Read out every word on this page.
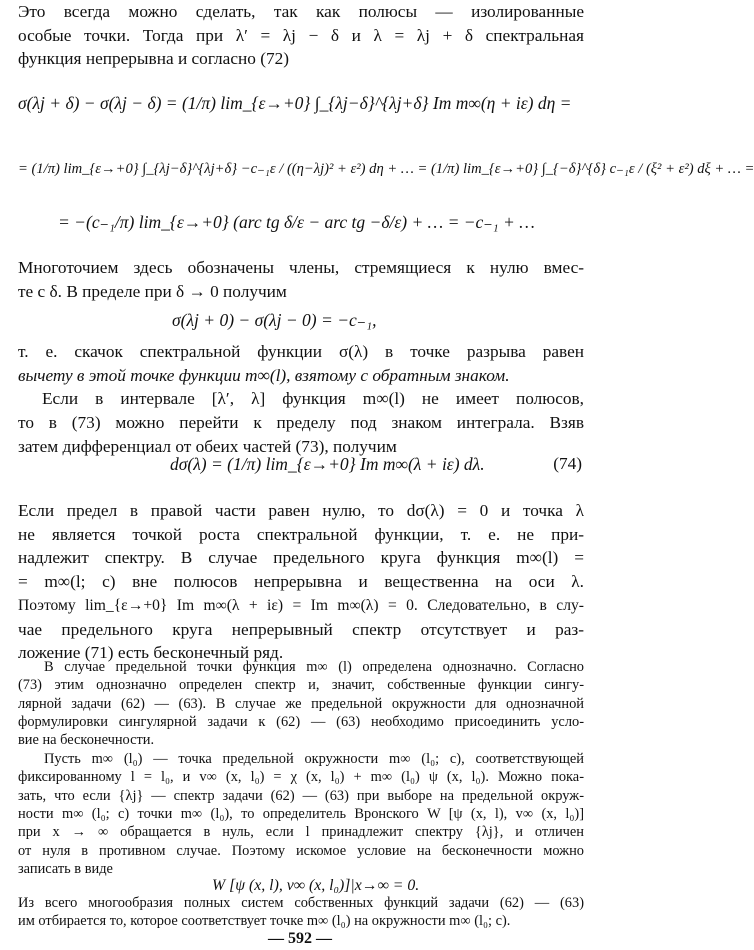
Это всегда можно сделать, так как полюсы — изолированные
особые точки. Тогда при λ′ = λj − δ и λ = λj + δ спектральная
функция непрерывна и согласно (72)
σ(λj + δ) − σ(λj − δ) = (1/π) lim_{ε→+0} ∫_{λj−δ}^{λj+δ} Im m∞(η + iε) dη =
= (1/π) lim_{ε→+0} ∫_{λj−δ}^{λj+δ} −c₋₁ε / ((η−λj)² + ε²) dη + … = (1/π) lim_{ε→+0} ∫_{−δ}^{δ} c₋₁ε / (ξ² + ε²) dξ + … =
= −(c₋₁/π) lim_{ε→+0} (arc tg δ/ε − arc tg −δ/ε) + … = −c₋₁ + …
Многоточием здесь обозначены члены, стремящиеся к нулю вмес-
те с δ. В пределе при δ → 0 получим
σ(λj + 0) − σ(λj − 0) = −c₋₁,
т. е. скачок спектральной функции σ(λ) в точке разрыва равен
вычету в этой точке функции m∞(l), взятому с обратным знаком.
Если в интервале [λ′, λ] функция m∞(l) не имеет полюсов,
то в (73) можно перейти к пределу под знаком интеграла. Взяв
затем дифференциал от обеих частей (73), получим
dσ(λ) = (1/π) lim_{ε→+0} Im m∞(λ + iε) dλ.	(74)
Если предел в правой части равен нулю, то dσ(λ) = 0 и точка λ
не является точкой роста спектральной функции, т. е. не при-
надлежит спектру. В случае предельного круга функция m∞(l) =
= m∞(l; c) вне полюсов непрерывна и вещественна на оси λ.
Поэтому lim_{ε→+0} Im m∞(λ + iε) = Im m∞(λ) = 0. Следовательно, в слу-
чае предельного круга непрерывный спектр отсутствует и раз-
ложение (71) есть бесконечный ряд.
В случае предельной точки функция m∞ (l) определена однозначно. Согласно
(73) этим однозначно определен спектр и, значит, собственные функции сингу-
лярной задачи (62) — (63). В случае же предельной окружности для однозначной
формулировки сингулярной задачи к (62) — (63) необходимо присоединить усло-
вие на бесконечности.
Пусть m∞ (l₀) — точка предельной окружности m∞ (l₀; c), соответствующей
фиксированному l = l₀, и v∞ (x, l₀) = χ (x, l₀) + m∞ (l₀) ψ (x, l₀). Можно пока-
зать, что если {λj} — спектр задачи (62) — (63) при выборе на предельной окруж-
ности m∞ (l₀; c) точки m∞ (l₀), то определитель Вронского W [ψ (x, l), v∞ (x, l₀)]
при x → ∞ обращается в нуль, если l принадлежит спектру {λj}, и отличен
от нуля в противном случае. Поэтому искомое условие на бесконечности можно
записать в виде
W [ψ (x, l), v∞ (x, l₀)]|x→∞ = 0.
Из всего многообразия полных систем собственных функций задачи (62) — (63)
— 592 —
им отбирается то, которое соответствует точке m∞ (l₀) на окружности m∞ (l₀; c).
